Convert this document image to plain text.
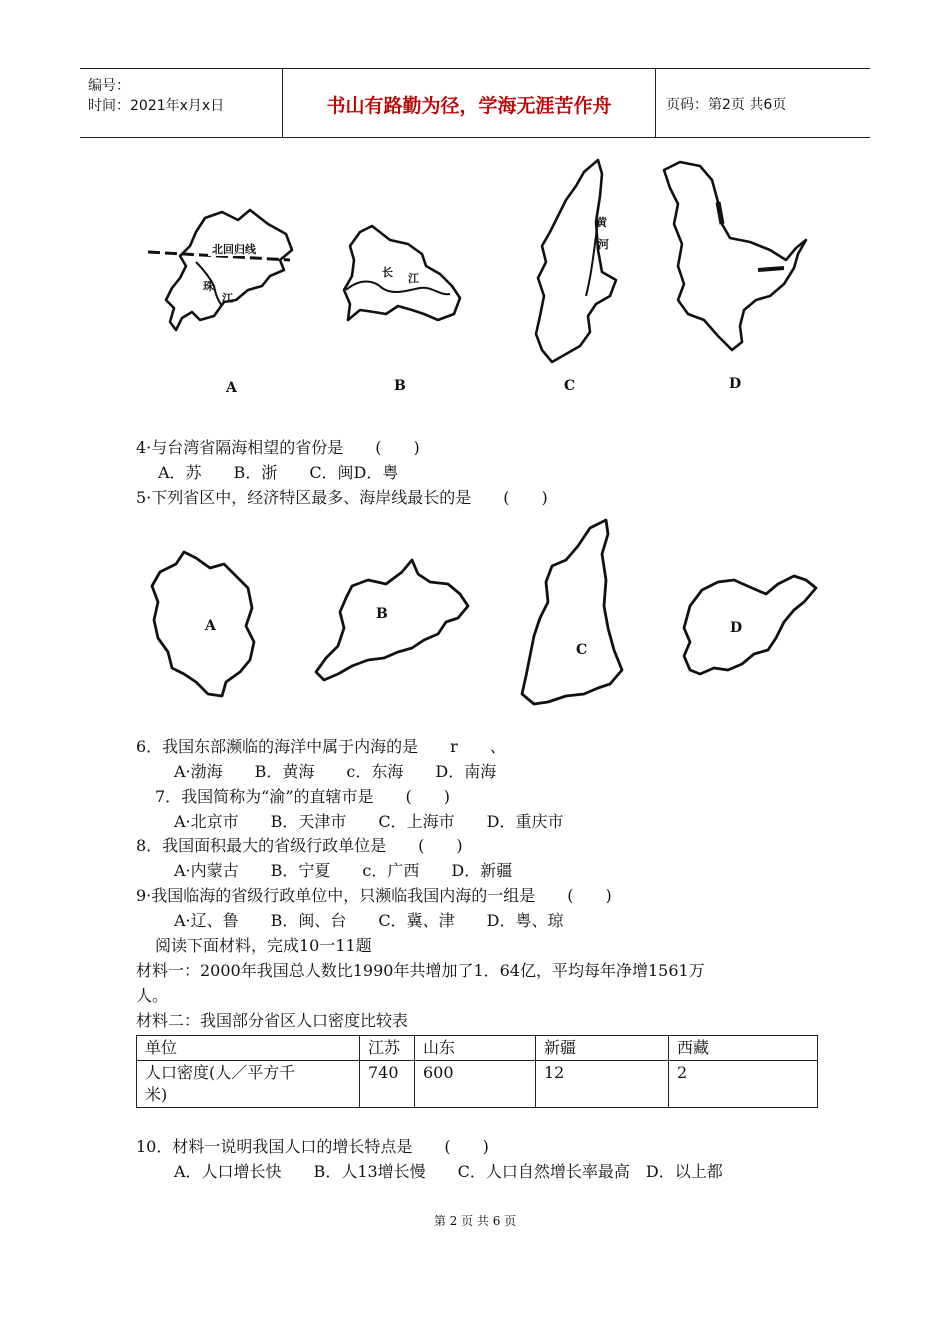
编号：
时间：2021年x月x日	书山有路勤为径，学海无涯苦作舟	页码：第2页 共6页
北回归线
珠
江
长 江
黄
河
A	B	C	D
4·与台湾省隔海相望的省份是　　(　　)
A．苏　　B．浙　　C．闽D．粤
5·下列省区中，经济特区最多、海岸线最长的是　　(　　)
A
B
C
D
6．我国东部濒临的海洋中属于内海的是　　r　　、
A·渤海　　B．黄海　　c．东海　　D．南海
7．我国简称为“渝”的直辖市是　　(　　)
A·北京市　　B．天津市　　C．上海市　　D．重庆市
8．我国面积最大的省级行政单位是　　(　　)
A·内蒙古　　B．宁夏　　c．广西　　D．新疆
9·我国临海的省级行政单位中，只濒临我国内海的一组是　　(　　)
A·辽、鲁　　B．闽、台　　C．冀、津　　D．粤、琼
阅读下面材料，完成10一11题
材料一：2000年我国总人数比1990年共增加了1．64亿，平均每年净增1561万
人。
材料二：我国部分省区人口密度比较表
单位	江苏	山东	新疆	西藏

人口密度(人／平方千
米)	740	600	12	2
10．材料一说明我国人口的增长特点是　　(　　)
A．人口增长快　　B．人13增长慢　　C．人口自然增长率最高　D．以上都
第 2 页 共 6 页
